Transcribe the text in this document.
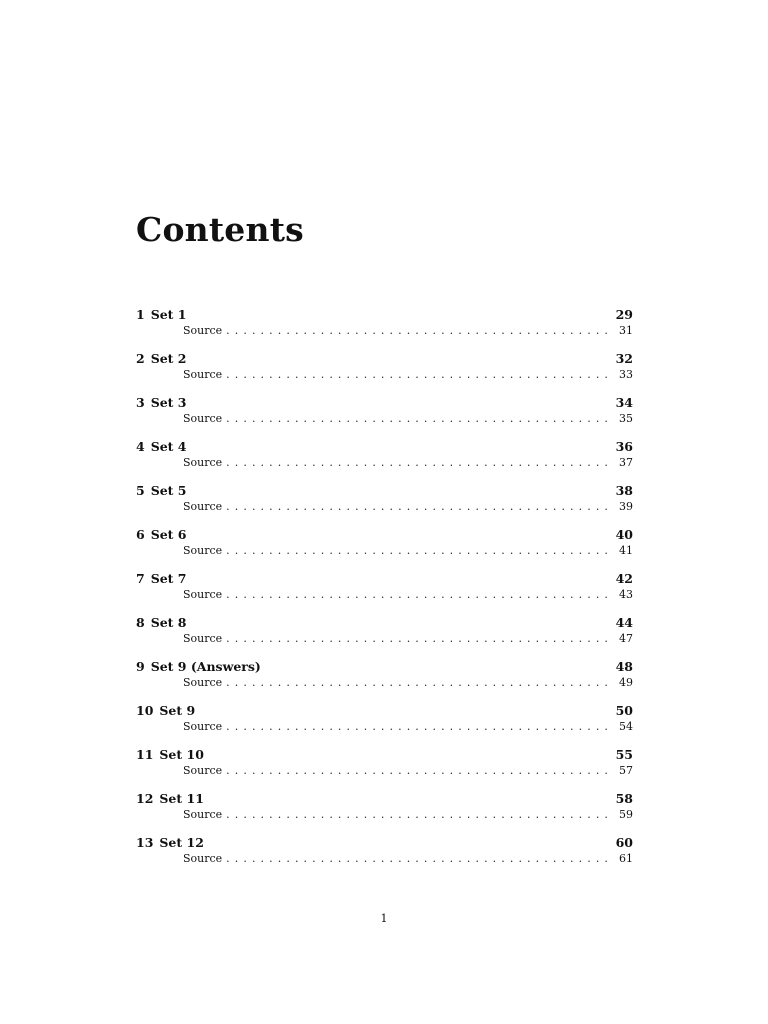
Contents
1 Set 1	29
Source .....	31
2 Set 2	32
Source .....	33
3 Set 3	34
Source .....	35
4 Set 4	36
Source .....	37
5 Set 5	38
Source .....	39
6 Set 6	40
Source .....	41
7 Set 7	42
Source .....	43
8 Set 8	44
Source .....	47
9 Set 9 (Answers)	48
Source .....	49
10 Set 9	50
Source .....	54
11 Set 10	55
Source .....	57
12 Set 11	58
Source .....	59
13 Set 12	60
Source .....	61
1
